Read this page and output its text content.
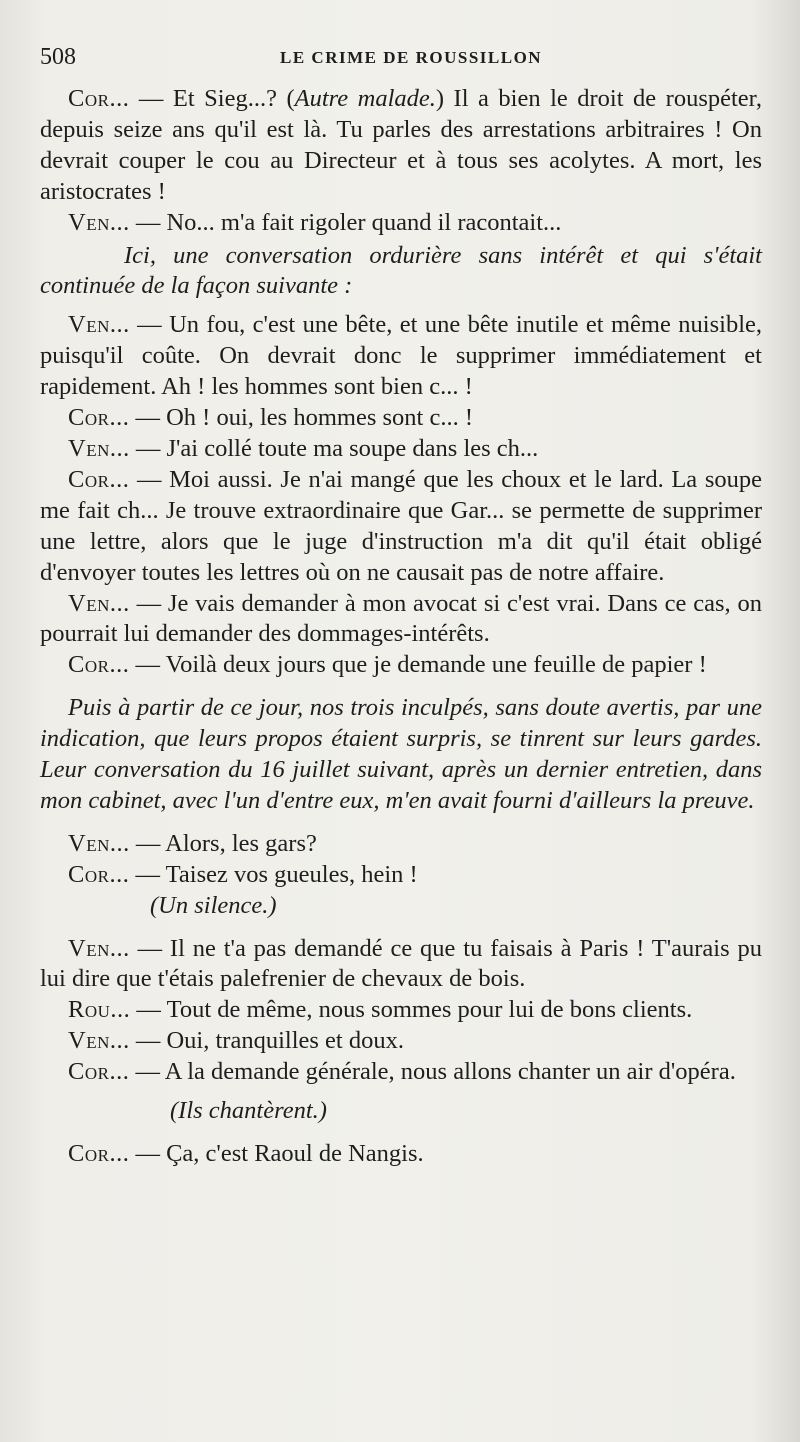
508	LE CRIME DE ROUSSILLON

Cor... — Et Sieg...? (Autre malade.) Il a bien le droit de rouspéter, depuis seize ans qu'il est là. Tu parles des arrestations arbitraires ! On devrait couper le cou au Directeur et à tous ses acolytes. A mort, les aristocrates !

Ven... — No... m'a fait rigoler quand il racontait...

Ici, une conversation ordurière sans intérêt et qui s'était continuée de la façon suivante :

Ven... — Un fou, c'est une bête, et une bête inutile et même nuisible, puisqu'il coûte. On devrait donc le supprimer immédiatement et rapidement. Ah ! les hommes sont bien c... !

Cor... — Oh ! oui, les hommes sont c... !

Ven... — J'ai collé toute ma soupe dans les ch...

Cor... — Moi aussi. Je n'ai mangé que les choux et le lard. La soupe me fait ch... Je trouve extraordinaire que Gar... se permette de supprimer une lettre, alors que le juge d'instruction m'a dit qu'il était obligé d'envoyer toutes les lettres où on ne causait pas de notre affaire.

Ven... — Je vais demander à mon avocat si c'est vrai. Dans ce cas, on pourrait lui demander des dommages-intérêts.

Cor... — Voilà deux jours que je demande une feuille de papier !

Puis à partir de ce jour, nos trois inculpés, sans doute avertis, par une indication, que leurs propos étaient surpris, se tinrent sur leurs gardes. Leur conversation du 16 juillet suivant, après un dernier entretien, dans mon cabinet, avec l'un d'entre eux, m'en avait fourni d'ailleurs la preuve.

Ven... — Alors, les gars?

Cor... — Taisez vos gueules, hein !

(Un silence.)

Ven... — Il ne t'a pas demandé ce que tu faisais à Paris ! T'aurais pu lui dire que t'étais palefrenier de chevaux de bois.

Rou... — Tout de même, nous sommes pour lui de bons clients.

Ven... — Oui, tranquilles et doux.

Cor... — A la demande générale, nous allons chanter un air d'opéra.

(Ils chantèrent.)

Cor... — Ça, c'est Raoul de Nangis.
